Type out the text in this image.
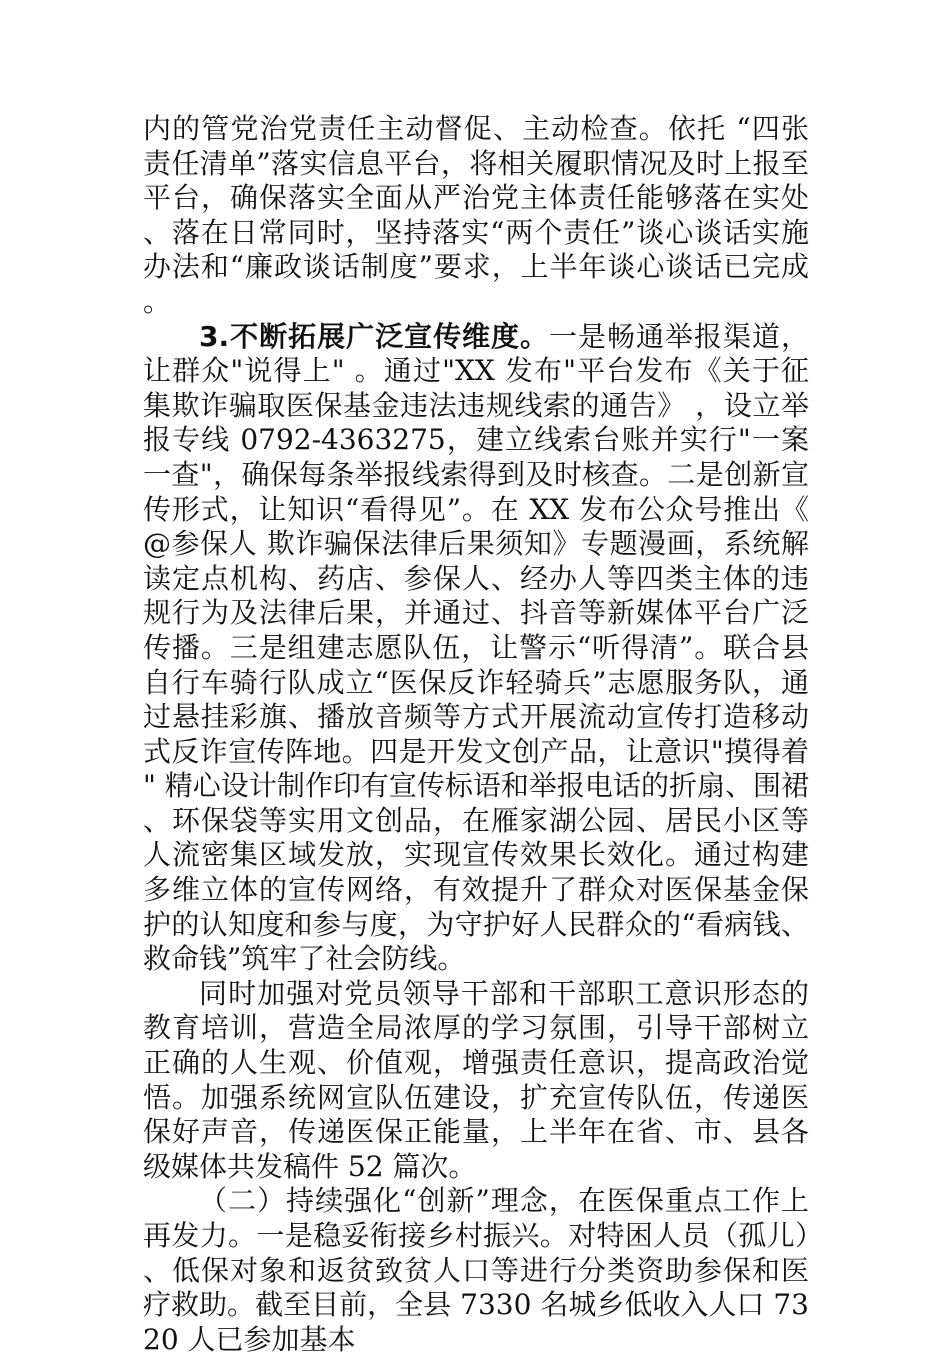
内的管党治党责任主动督促、主动检查。依托 “四张责任清单”落实信息平台，将相关履职情况及时上报至平台，确保落实全面从严治党主体责任能够落在实处、落在日常同时，坚持落实“两个责任”谈心谈话实施办法和“廉政谈话制度”要求，上半年谈心谈话已完成。

3.不断拓展广泛宣传维度。一是畅通举报渠道，让群众"说得上" 。通过"XX 发布"平台发布《关于征集欺诈骗取医保基金违法违规线索的通告》 ，设立举报专线 0792-4363275，建立线索台账并实行"一案一查"，确保每条举报线索得到及时核查。二是创新宣传形式，让知识“看得见”。在 XX 发布公众号推出《@参保人 欺诈骗保法律后果须知》专题漫画，系统解读定点机构、药店、参保人、经办人等四类主体的违规行为及法律后果，并通过、抖音等新媒体平台广泛传播。三是组建志愿队伍，让警示“听得清”。联合县自行车骑行队成立“医保反诈轻骑兵”志愿服务队，通过悬挂彩旗、播放音频等方式开展流动宣传打造移动式反诈宣传阵地。四是开发文创产品，让意识"摸得着" 精心设计制作印有宣传标语和举报电话的折扇、围裙、环保袋等实用文创品，在雁家湖公园、居民小区等人流密集区域发放，实现宣传效果长效化。通过构建多维立体的宣传网络，有效提升了群众对医保基金保护的认知度和参与度，为守护好人民群众的“看病钱、救命钱”筑牢了社会防线。

同时加强对党员领导干部和干部职工意识形态的教育培训，营造全局浓厚的学习氛围，引导干部树立正确的人生观、价值观，增强责任意识，提高政治觉悟。加强系统网宣队伍建设，扩充宣传队伍，传递医保好声音，传递医保正能量，上半年在省、市、县各级媒体共发稿件 52 篇次。

（二）持续强化“创新”理念，在医保重点工作上再发力。一是稳妥衔接乡村振兴。对特困人员（孤儿）、低保对象和返贫致贫人口等进行分类资助参保和医疗救助。截至目前，全县 7330 名城乡低收入人口 7320 人已参加基本
